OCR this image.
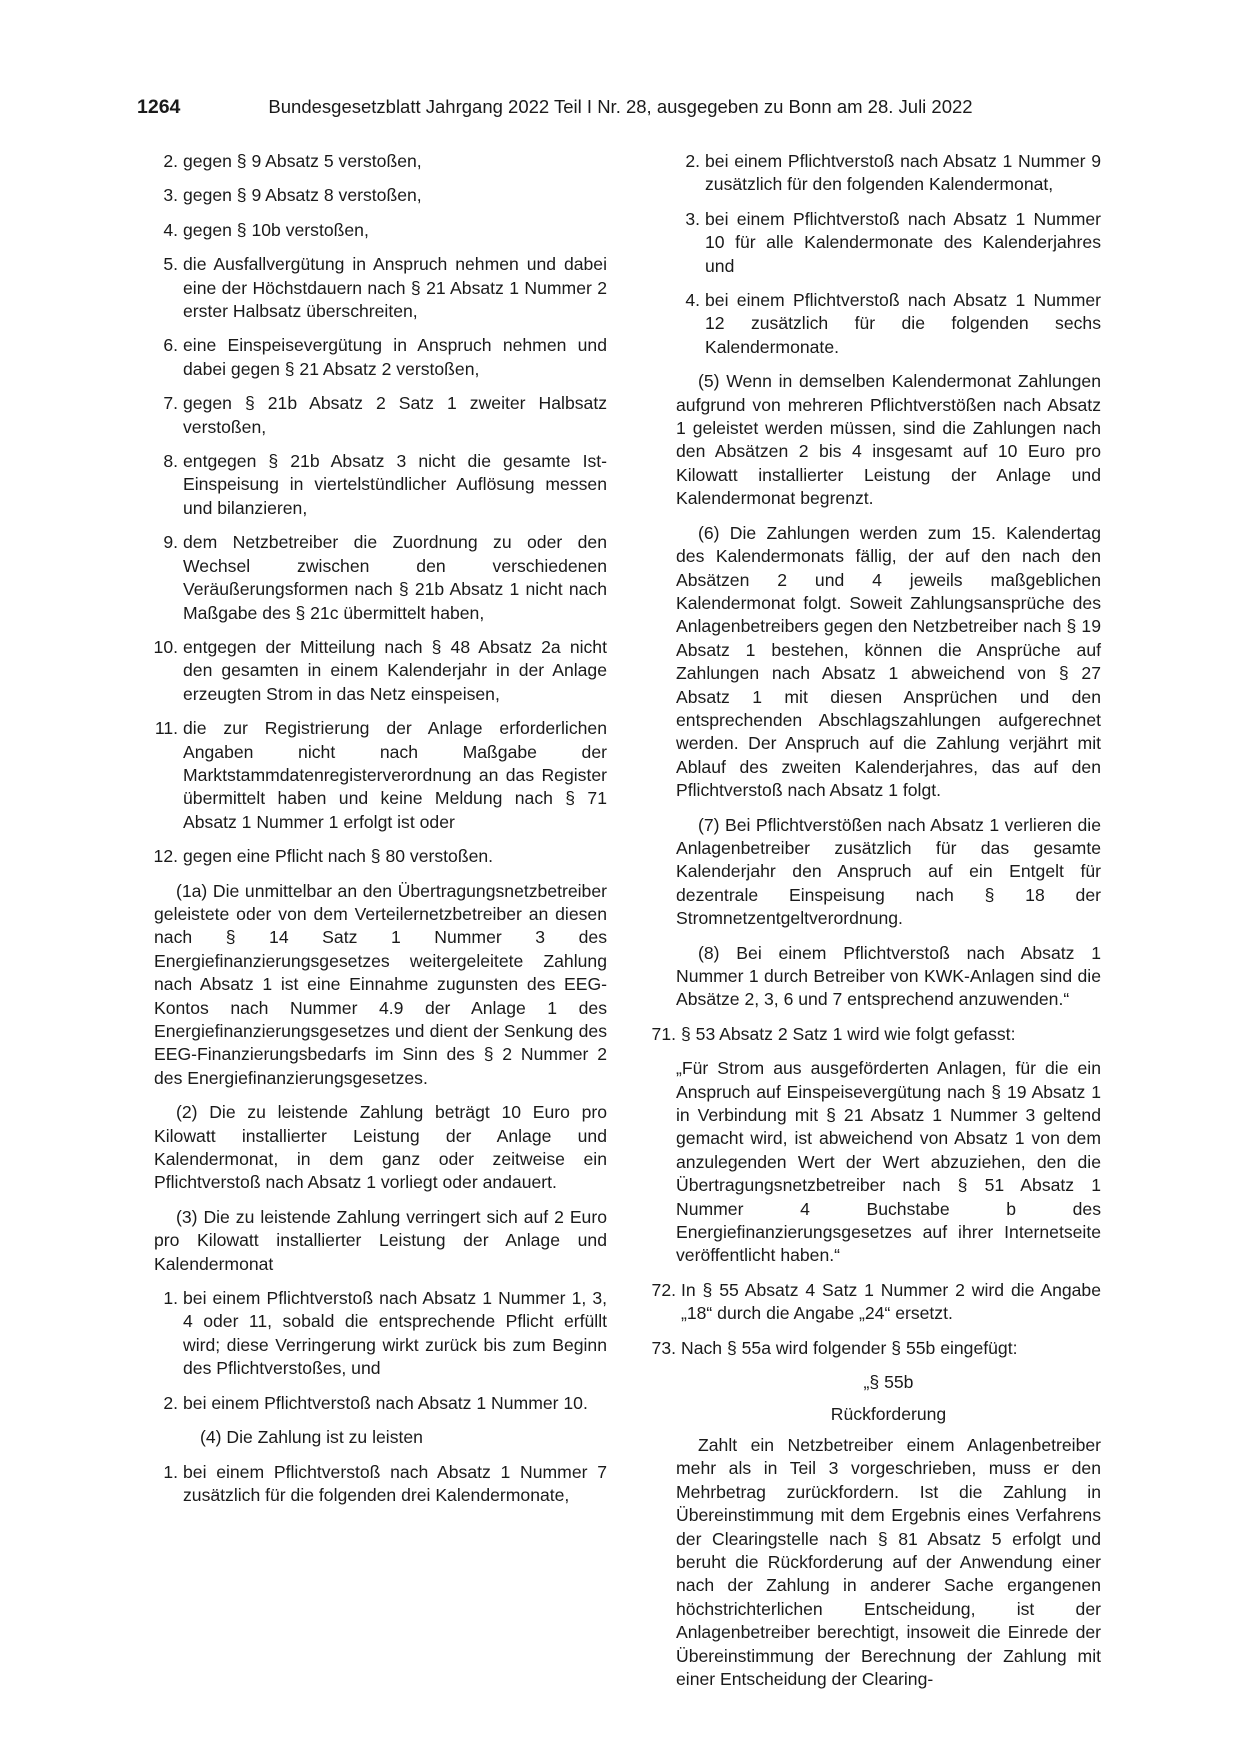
1264	Bundesgesetzblatt Jahrgang 2022 Teil I Nr. 28, ausgegeben zu Bonn am 28. Juli 2022
2. gegen § 9 Absatz 5 verstoßen,
3. gegen § 9 Absatz 8 verstoßen,
4. gegen § 10b verstoßen,
5. die Ausfallvergütung in Anspruch nehmen und dabei eine der Höchstdauern nach § 21 Absatz 1 Nummer 2 erster Halbsatz überschreiten,
6. eine Einspeisevergütung in Anspruch nehmen und dabei gegen § 21 Absatz 2 verstoßen,
7. gegen § 21b Absatz 2 Satz 1 zweiter Halbsatz verstoßen,
8. entgegen § 21b Absatz 3 nicht die gesamte Ist-Einspeisung in viertelstündlicher Auflösung messen und bilanzieren,
9. dem Netzbetreiber die Zuordnung zu oder den Wechsel zwischen den verschiedenen Veräußerungsformen nach § 21b Absatz 1 nicht nach Maßgabe des § 21c übermittelt haben,
10. entgegen der Mitteilung nach § 48 Absatz 2a nicht den gesamten in einem Kalenderjahr in der Anlage erzeugten Strom in das Netz einspeisen,
11. die zur Registrierung der Anlage erforderlichen Angaben nicht nach Maßgabe der Marktstammdatenregisterverordnung an das Register übermittelt haben und keine Meldung nach § 71 Absatz 1 Nummer 1 erfolgt ist oder
12. gegen eine Pflicht nach § 80 verstoßen.

(1a) Die unmittelbar an den Übertragungsnetzbetreiber geleistete oder von dem Verteilernetzbetreiber an diesen nach § 14 Satz 1 Nummer 3 des Energiefinanzierungsgesetzes weitergeleitete Zahlung nach Absatz 1 ist eine Einnahme zugunsten des EEG-Kontos nach Nummer 4.9 der Anlage 1 des Energiefinanzierungsgesetzes und dient der Senkung des EEG-Finanzierungsbedarfs im Sinn des § 2 Nummer 2 des Energiefinanzierungsgesetzes.

(2) Die zu leistende Zahlung beträgt 10 Euro pro Kilowatt installierter Leistung der Anlage und Kalendermonat, in dem ganz oder zeitweise ein Pflichtverstoß nach Absatz 1 vorliegt oder andauert.

(3) Die zu leistende Zahlung verringert sich auf 2 Euro pro Kilowatt installierter Leistung der Anlage und Kalendermonat

1. bei einem Pflichtverstoß nach Absatz 1 Nummer 1, 3, 4 oder 11, sobald die entsprechende Pflicht erfüllt wird; diese Verringerung wirkt zurück bis zum Beginn des Pflichtverstoßes, und
2. bei einem Pflichtverstoß nach Absatz 1 Nummer 10.

(4) Die Zahlung ist zu leisten

1. bei einem Pflichtverstoß nach Absatz 1 Nummer 7 zusätzlich für die folgenden drei Kalendermonate,
2. bei einem Pflichtverstoß nach Absatz 1 Nummer 9 zusätzlich für den folgenden Kalendermonat,
3. bei einem Pflichtverstoß nach Absatz 1 Nummer 10 für alle Kalendermonate des Kalenderjahres und
4. bei einem Pflichtverstoß nach Absatz 1 Nummer 12 zusätzlich für die folgenden sechs Kalendermonate.

(5) Wenn in demselben Kalendermonat Zahlungen aufgrund von mehreren Pflichtverstößen nach Absatz 1 geleistet werden müssen, sind die Zahlungen nach den Absätzen 2 bis 4 insgesamt auf 10 Euro pro Kilowatt installierter Leistung der Anlage und Kalendermonat begrenzt.

(6) Die Zahlungen werden zum 15. Kalendertag des Kalendermonats fällig, der auf den nach den Absätzen 2 und 4 jeweils maßgeblichen Kalendermonat folgt. Soweit Zahlungsansprüche des Anlagenbetreibers gegen den Netzbetreiber nach § 19 Absatz 1 bestehen, können die Ansprüche auf Zahlungen nach Absatz 1 abweichend von § 27 Absatz 1 mit diesen Ansprüchen und den entsprechenden Abschlagszahlungen aufgerechnet werden. Der Anspruch auf die Zahlung verjährt mit Ablauf des zweiten Kalenderjahres, das auf den Pflichtverstoß nach Absatz 1 folgt.

(7) Bei Pflichtverstößen nach Absatz 1 verlieren die Anlagenbetreiber zusätzlich für das gesamte Kalenderjahr den Anspruch auf ein Entgelt für dezentrale Einspeisung nach § 18 der Stromnetzentgeltverordnung.

(8) Bei einem Pflichtverstoß nach Absatz 1 Nummer 1 durch Betreiber von KWK-Anlagen sind die Absätze 2, 3, 6 und 7 entsprechend anzuwenden.“

71. § 53 Absatz 2 Satz 1 wird wie folgt gefasst:

„Für Strom aus ausgeförderten Anlagen, für die ein Anspruch auf Einspeisevergütung nach § 19 Absatz 1 in Verbindung mit § 21 Absatz 1 Nummer 3 geltend gemacht wird, ist abweichend von Absatz 1 von dem anzulegenden Wert der Wert abzuziehen, den die Übertragungsnetzbetreiber nach § 51 Absatz 1 Nummer 4 Buchstabe b des Energiefinanzierungsgesetzes auf ihrer Internetseite veröffentlicht haben.“

72. In § 55 Absatz 4 Satz 1 Nummer 2 wird die Angabe „18“ durch die Angabe „24“ ersetzt.
73. Nach § 55a wird folgender § 55b eingefügt:

„§ 55b

Rückforderung

Zahlt ein Netzbetreiber einem Anlagenbetreiber mehr als in Teil 3 vorgeschrieben, muss er den Mehrbetrag zurückfordern. Ist die Zahlung in Übereinstimmung mit dem Ergebnis eines Verfahrens der Clearingstelle nach § 81 Absatz 5 erfolgt und beruht die Rückforderung auf der Anwendung einer nach der Zahlung in anderer Sache ergangenen höchstrichterlichen Entscheidung, ist der Anlagenbetreiber berechtigt, insoweit die Einrede der Übereinstimmung der Berechnung der Zahlung mit einer Entscheidung der Clearing-
